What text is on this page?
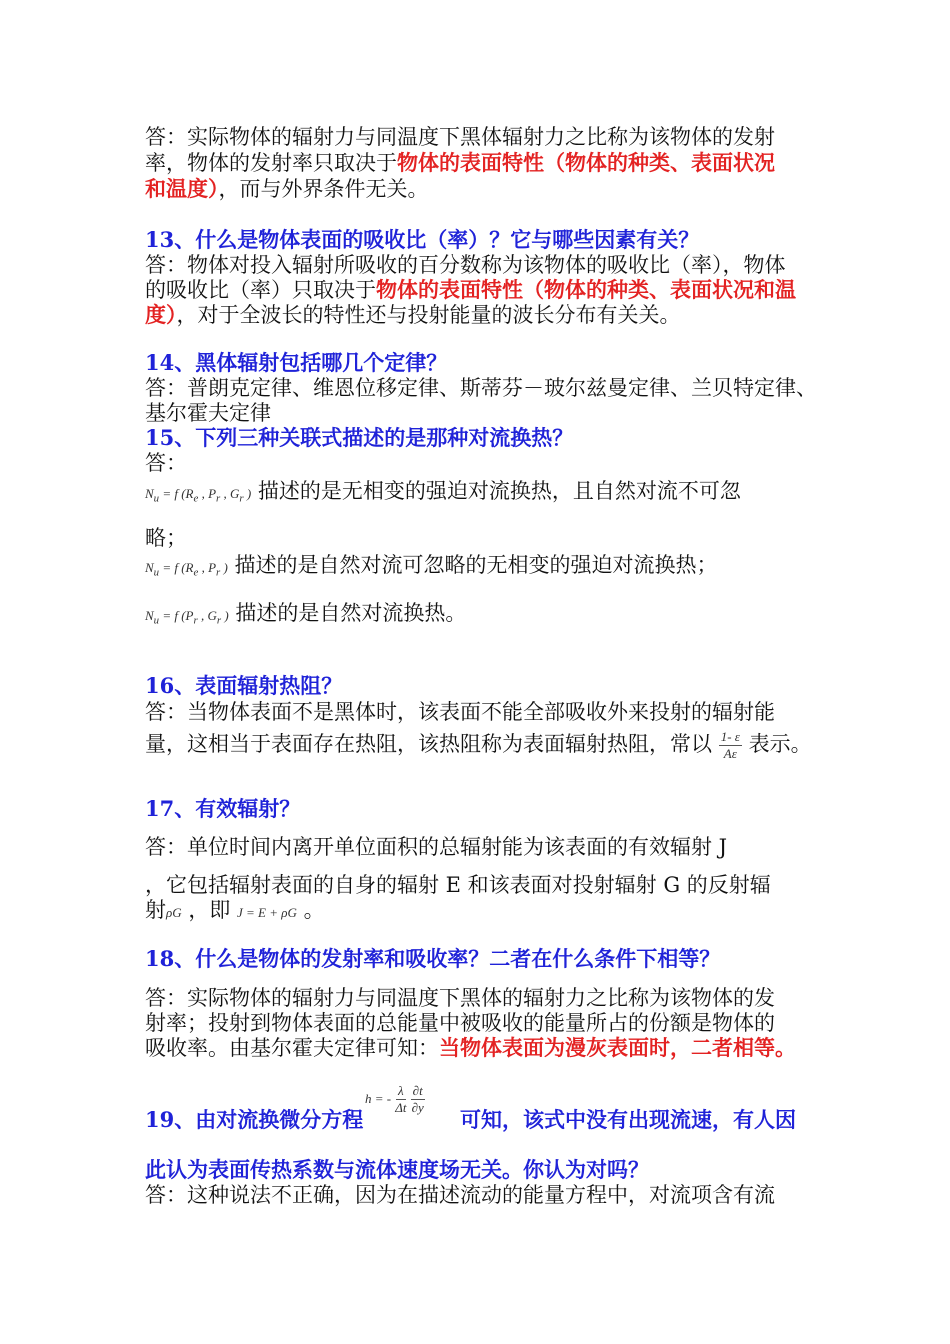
答：实际物体的辐射力与同温度下黑体辐射力之比称为该物体的发射
率，物体的发射率只取决于物体的表面特性（物体的种类、表面状况
和温度），而与外界条件无关。
13、什么是物体表面的吸收比（率）？它与哪些因素有关？
答：物体对投入辐射所吸收的百分数称为该物体的吸收比（率），物体
的吸收比（率）只取决于物体的表面特性（物体的种类、表面状况和温
度），对于全波长的特性还与投射能量的波长分布有关关。
14、黑体辐射包括哪几个定律？
答：普朗克定律、维恩位移定律、斯蒂芬－玻尔兹曼定律、兰贝特定律、
基尔霍夫定律
15、下列三种关联式描述的是那种对流换热？
答：
$N_u = f$ ($R_e$ , $P_r$ , $G_r$ ) 描述的是无相变的强迫对流换热，且自然对流不可忽
略；
$N_u = f$ ($R_e$ , $P_r$ ) 描述的是自然对流可忽略的无相变的强迫对流换热；
$N_u = f$ ($P_r$ , $G_r$ ) 描述的是自然对流换热。
16、表面辐射热阻？
答：当物体表面不是黑体时，该表面不能全部吸收外来投射的辐射能
量，这相当于表面存在热阻，该热阻称为表面辐射热阻，常以 $\frac{1- \varepsilon}{A\varepsilon}$ 表示。
17、有效辐射？
答：单位时间内离开单位面积的总辐射能为该表面的有效辐射 J
，它包括辐射表面的自身的辐射 E 和该表面对投射辐射 G 的反射辐
射ρG ，即 J = E + ρG 。
18、什么是物体的发射率和吸收率？二者在什么条件下相等？
答：实际物体的辐射力与同温度下黑体的辐射力之比称为该物体的发
射率；投射到物体表面的总能量中被吸收的能量所占的份额是物体的
吸收率。由基尔霍夫定律可知：当物体表面为漫灰表面时，二者相等。
19、由对流换微分方程
h = - $\frac{\lambda}{\Delta t}$
$\frac{\partial t}{\partial y}$
可知，该式中没有出现流速，有人因
此认为表面传热系数与流体速度场无关。你认为对吗？
答：这种说法不正确，因为在描述流动的能量方程中，对流项含有流
